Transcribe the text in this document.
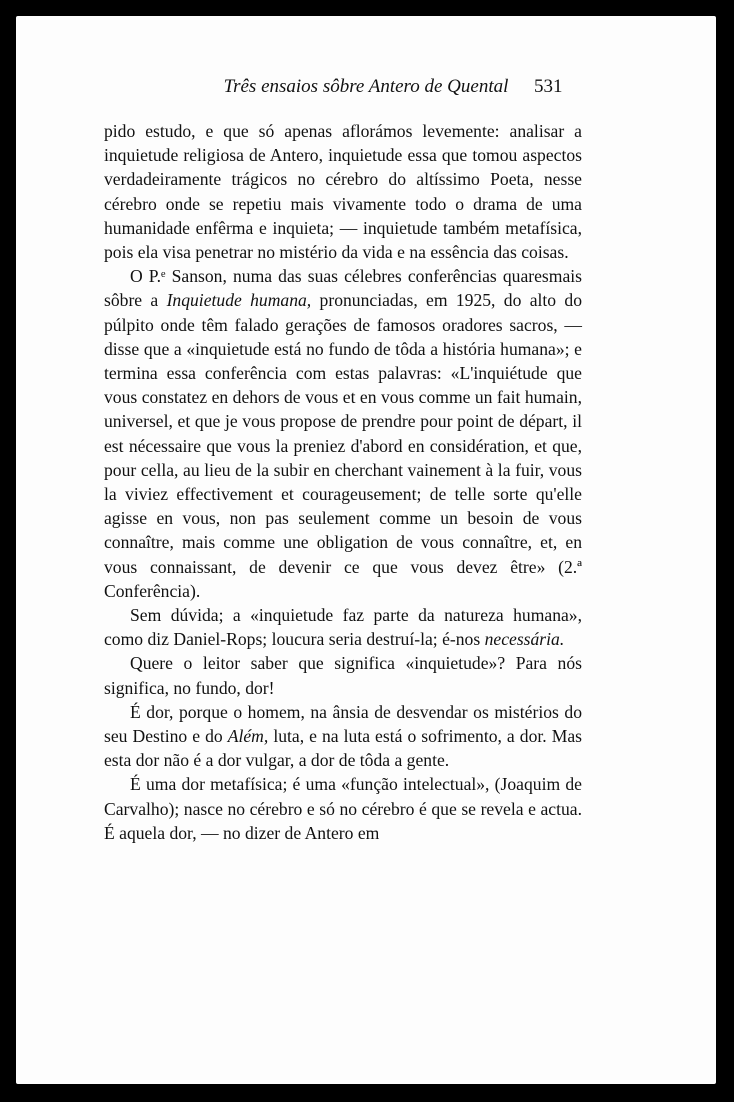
Três ensaios sôbre Antero de Quental	531

pido estudo, e que só apenas aflorámos levemente: analisar a inquietude religiosa de Antero, inquietude essa que tomou aspectos verdadeiramente trágicos no cérebro do altíssimo Poeta, nesse cérebro onde se repetiu mais vivamente todo o drama de uma humanidade enfêrma e inquieta; — inquietude também metafísica, pois ela visa penetrar no mistério da vida e na essência das coisas.

O P.ᵉ Sanson, numa das suas célebres conferências quaresmais sôbre a Inquietude humana, pronunciadas, em 1925, do alto do púlpito onde têm falado gerações de famosos oradores sacros, — disse que a «inquietude está no fundo de tôda a história humana»; e termina essa conferência com estas palavras: «L'inquiétude que vous constatez en dehors de vous et en vous comme un fait humain, universel, et que je vous propose de prendre pour point de départ, il est nécessaire que vous la preniez d'abord en considération, et que, pour cella, au lieu de la subir en cherchant vainement à la fuir, vous la viviez effectivement et courageusement; de telle sorte qu'elle agisse en vous, non pas seulement comme un besoin de vous connaître, mais comme une obligation de vous connaître, et, en vous connaissant, de devenir ce que vous devez être» (2.ª Conferência).

Sem dúvida; a «inquietude faz parte da natureza humana», como diz Daniel-Rops; loucura seria destruí-la; é-nos necessária.

Quere o leitor saber que significa «inquietude»? Para nós significa, no fundo, dor!

É dor, porque o homem, na ânsia de desvendar os mistérios do seu Destino e do Além, luta, e na luta está o sofrimento, a dor. Mas esta dor não é a dor vulgar, a dor de tôda a gente.

É uma dor metafísica; é uma «função intelectual», (Joaquim de Carvalho); nasce no cérebro e só no cérebro é que se revela e actua. É aquela dor, — no dizer de Antero em
